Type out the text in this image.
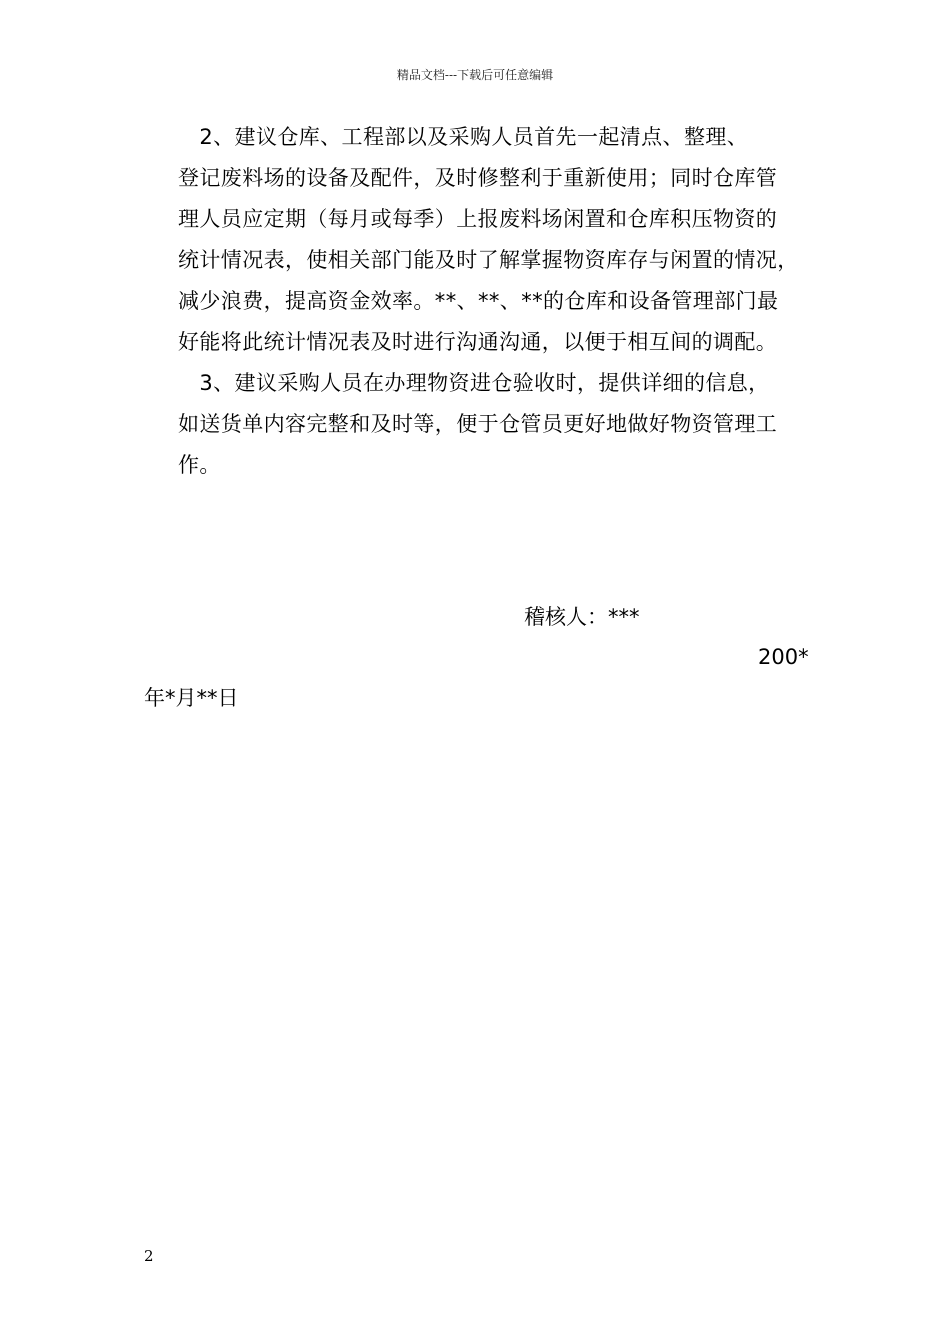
精品文档---下载后可任意编辑
　2、建议仓库、工程部以及采购人员首先一起清点、整理、
登记废料场的设备及配件，及时修整利于重新使用；同时仓库管
理人员应定期（每月或每季）上报废料场闲置和仓库积压物资的
统计情况表，使相关部门能及时了解掌握物资库存与闲置的情况，
减少浪费，提高资金效率。**、**、**的仓库和设备管理部门最
好能将此统计情况表及时进行沟通沟通，以便于相互间的调配。
　3、建议采购人员在办理物资进仓验收时，提供详细的信息，
如送货单内容完整和及时等，便于仓管员更好地做好物资管理工
作。
稽核人：***
200*
年*月**日
2
